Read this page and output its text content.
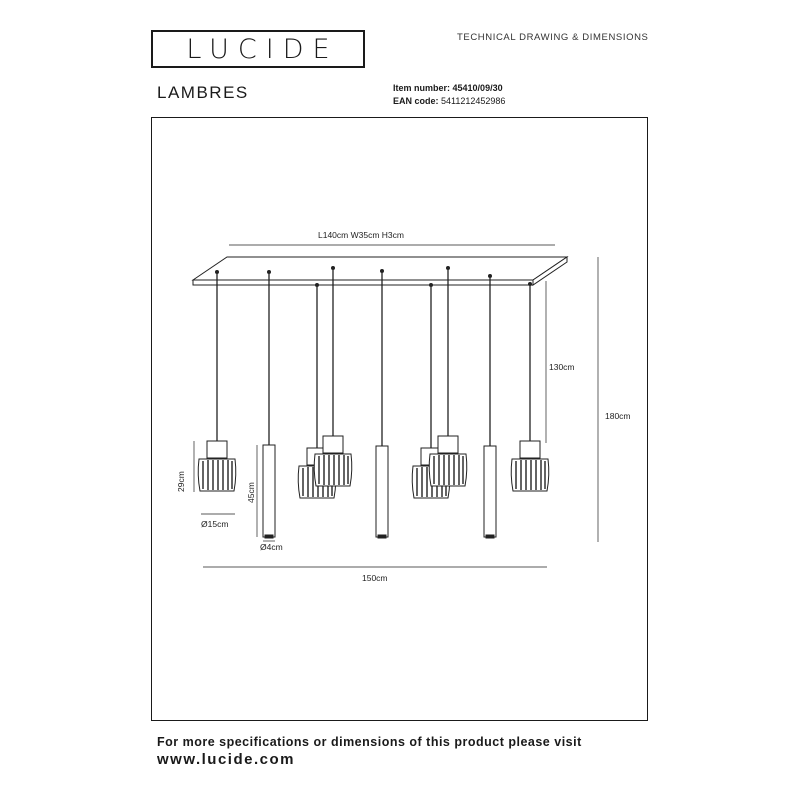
LUCIDE	TECHNICAL DRAWING & DIMENSIONS
LAMBRES	Item number: 45410/09/30
EAN code: 5411212452986
L140cm W35cm H3cm
150cm
130cm
180cm
Ø15cm
Ø4cm
29cm
45cm
For more specifications or dimensions of this product please visit
www.lucide.com
